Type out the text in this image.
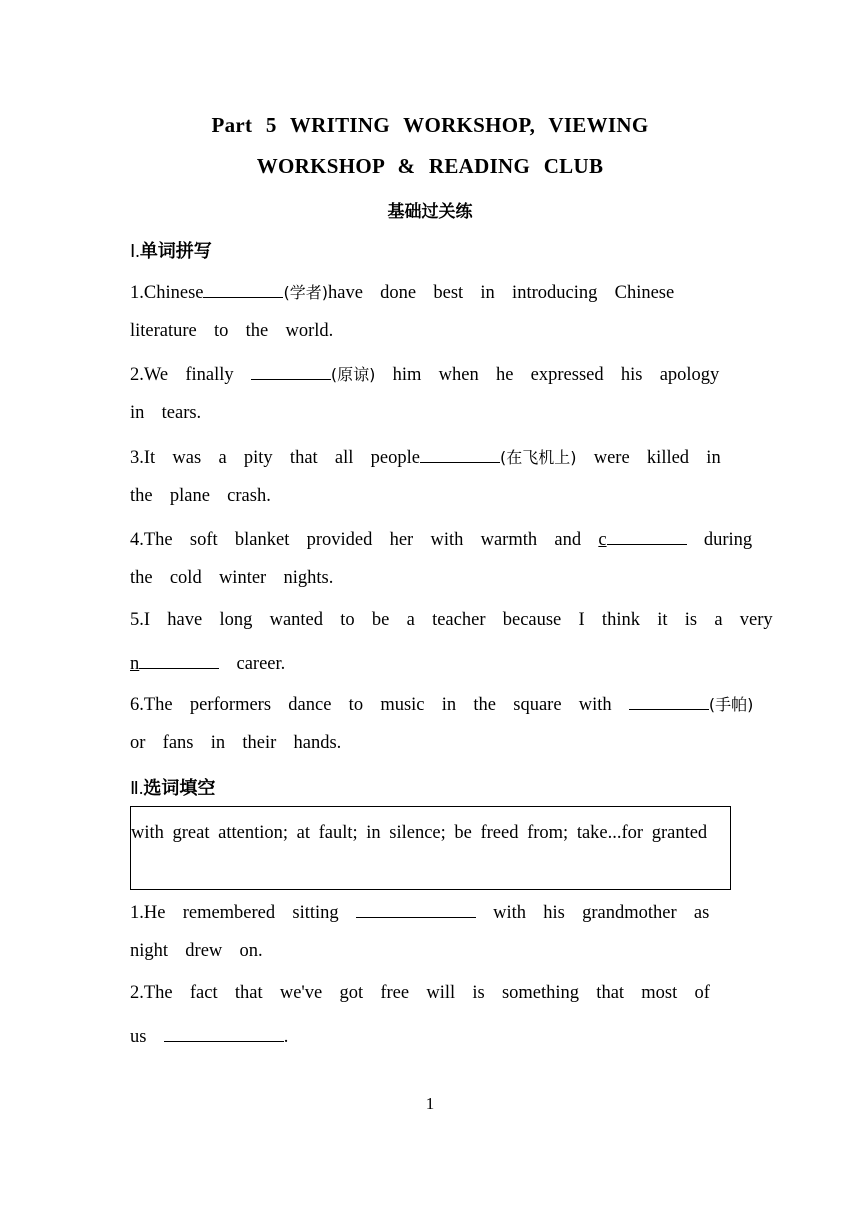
Part 5 WRITING WORKSHOP, VIEWING
WORKSHOP & READING CLUB
基础过关练
Ⅰ.单词拼写
1.Chinese	(学者)have  done  best  in  introducing  Chinese
literature  to  the  world.
2.We  finally	(原谅)  him  when  he  expressed  his  apology
in  tears.
3.It  was  a  pity  that  all  people	(在飞机上)  were  killed  in
the  plane  crash.
4.The  soft  blanket  provided  her  with  warmth  and  c	during
the  cold  winter  nights.
5.I  have  long  wanted  to  be  a  teacher  because  I  think  it  is  a  very
n	career.
6.The  performers  dance  to  music  in  the  square  with	(手帕)
or  fans  in  their  hands.
Ⅱ.选词填空
with great attention; at fault; in silence; be freed from; take...for granted
1.He  remembered  sitting	with  his  grandmother  as
night  drew  on.
2.The  fact  that  we've  got  free  will  is  something  that  most  of
us	.
1
